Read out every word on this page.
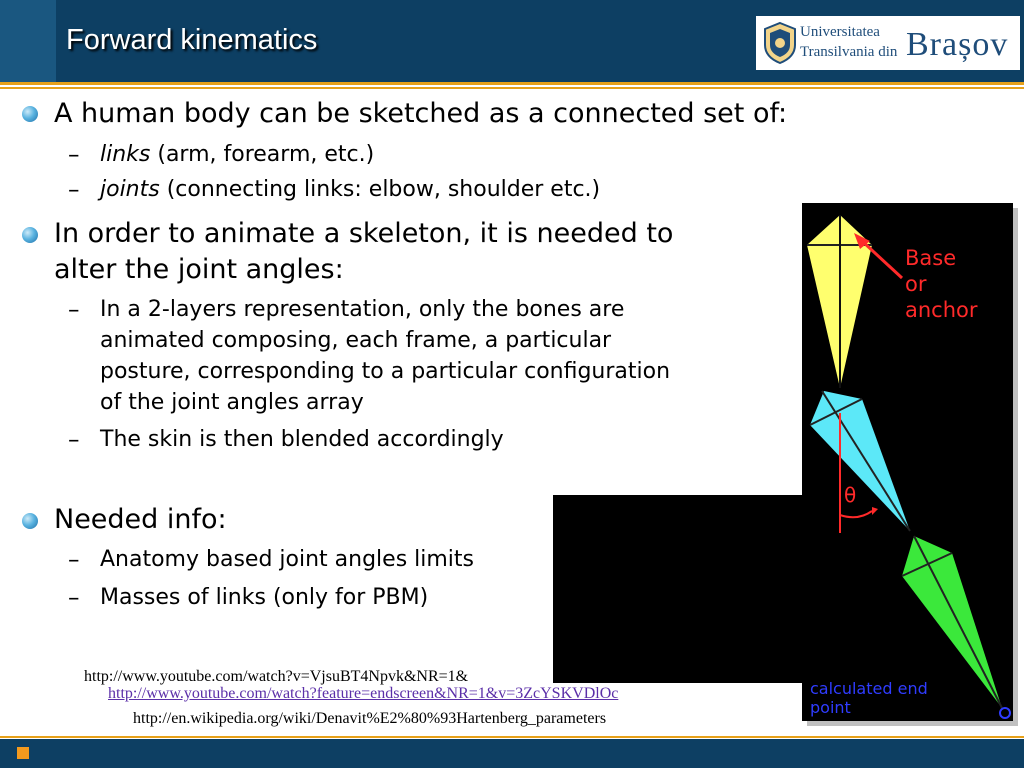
Forward kinematics	Universitatea
Transilvania din Brașov
A human body can be sketched as a connected set of:
– links (arm, forearm, etc.)
– joints (connecting links: elbow, shoulder etc.)
In order to animate a skeleton, it is needed to
alter the joint angles:
– In a 2-layers representation, only the bones are
animated composing, each frame, a particular
posture, corresponding to a particular configuration
of the joint angles array
– The skin is then blended accordingly
Needed info:
– Anatomy based joint angles limits
– Masses of links (only for PBM)
Base
or
anchor
θ
calculated end
point
http://www.youtube.com/watch?v=VjsuBT4Npvk&NR=1&
http://www.youtube.com/watch?feature=endscreen&NR=1&v=3ZcYSKVDlOc
http://en.wikipedia.org/wiki/Denavit%E2%80%93Hartenberg_parameters
